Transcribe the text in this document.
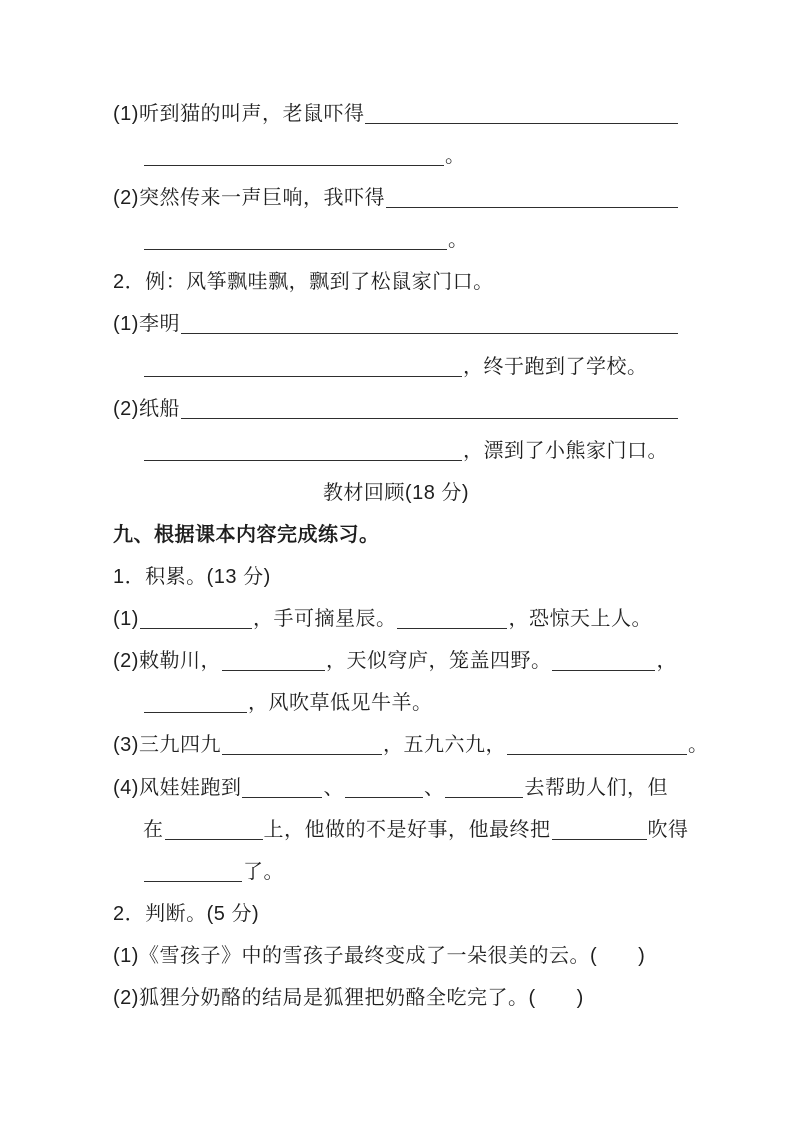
(1)听到猫的叫声，老鼠吓得
。
(2)突然传来一声巨响，我吓得
。
2．例：风筝飘哇飘，飘到了松鼠家门口。
(1)李明
，终于跑到了学校。
(2)纸船
，漂到了小熊家门口。
教材回顾(18 分)
九、根据课本内容完成练习。
1．积累。(13 分)
(1)	，手可摘星辰。	，恐惊天上人。
(2)敕勒川，	，天似穹庐，笼盖四野。	，
，风吹草低见牛羊。
(3)三九四九	，五九六九，	。
(4)风娃娃跑到	、	、	去帮助人们，但
在	上，他做的不是好事，他最终把	吹得
了。
2．判断。(5 分)
(1)《雪孩子》中的雪孩子最终变成了一朵很美的云。(　　)
(2)狐狸分奶酪的结局是狐狸把奶酪全吃完了。(　　)
